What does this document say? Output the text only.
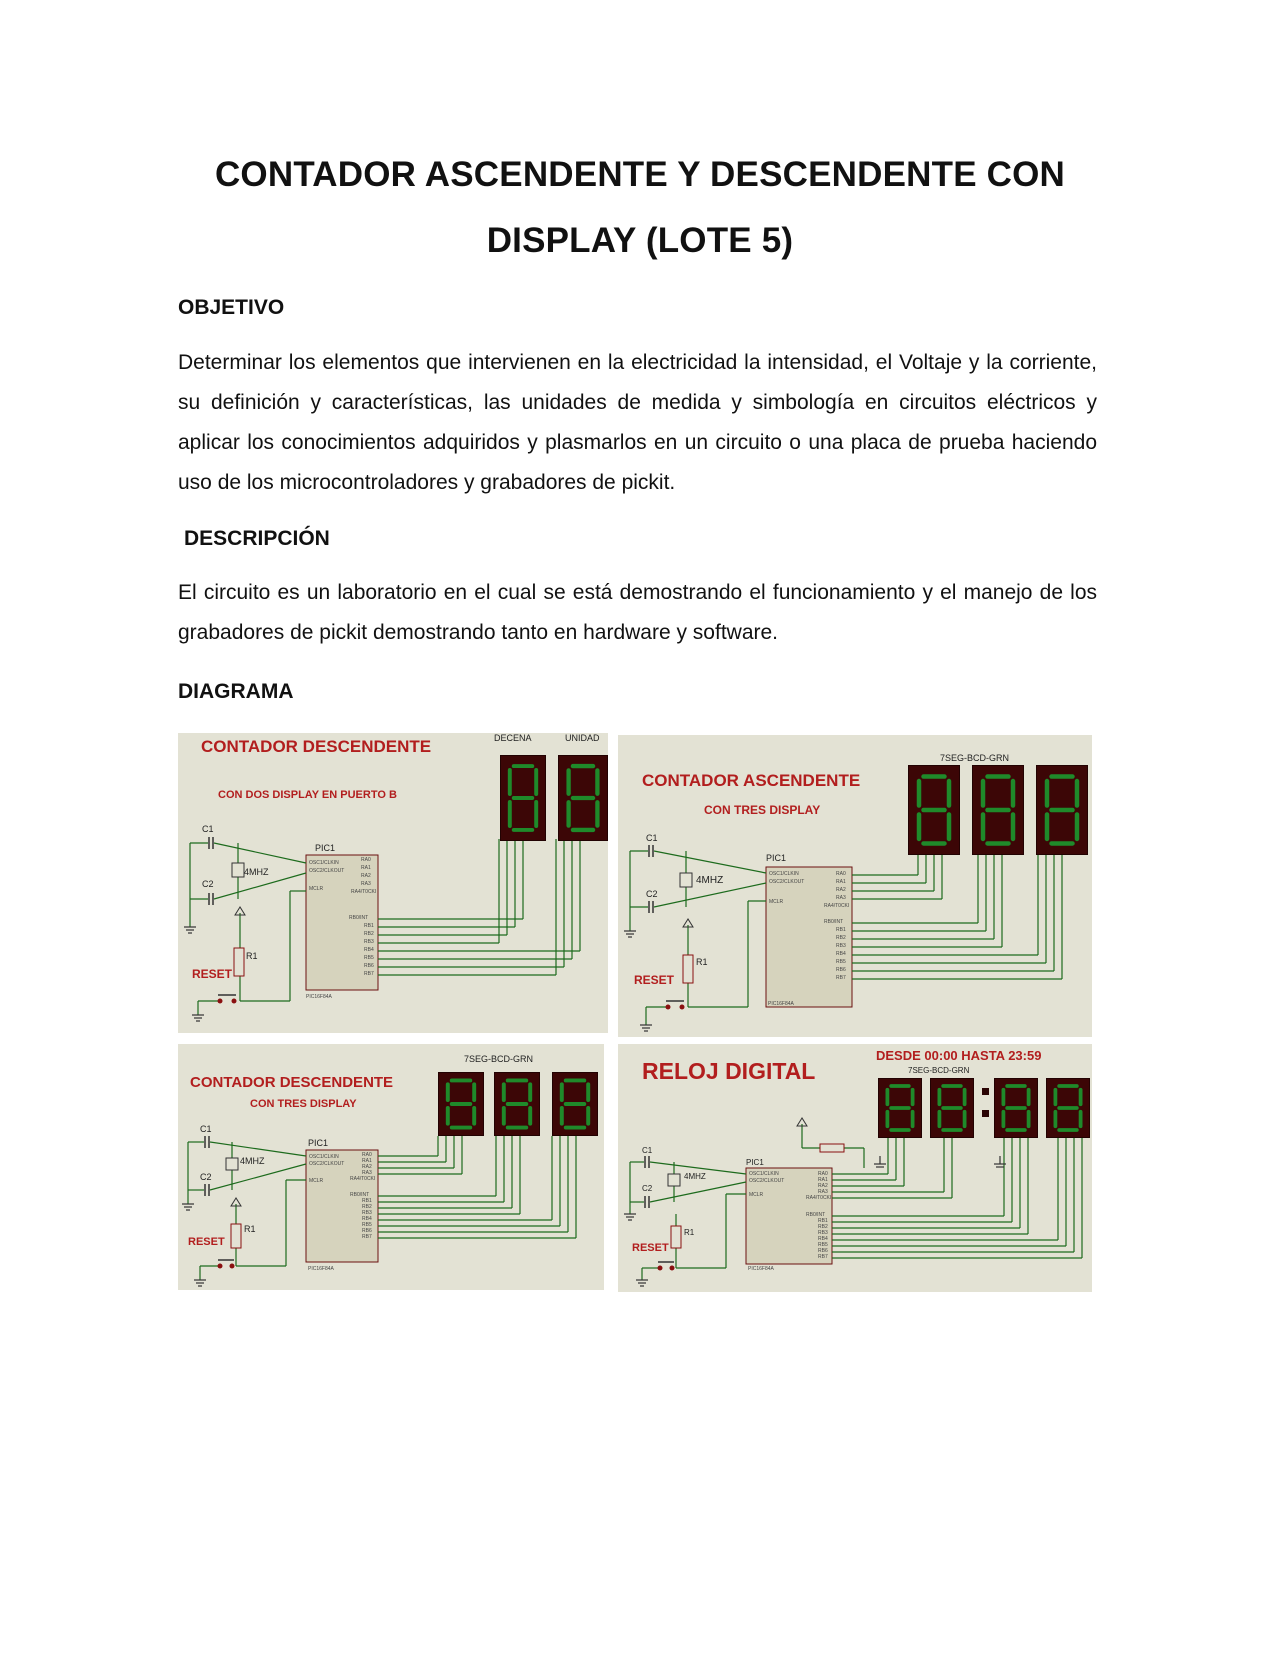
CONTADOR ASCENDENTE Y DESCENDENTE CON DISPLAY (LOTE 5)
OBJETIVO
Determinar los elementos que intervienen en la electricidad la intensidad, el Voltaje y la corriente, su definición y características, las unidades de medida y simbología en circuitos eléctricos y aplicar los conocimientos adquiridos y plasmarlos en un circuito o una placa de prueba haciendo uso de los microcontroladores y grabadores de pickit.
DESCRIPCIÓN
El circuito es un laboratorio en el cual se está demostrando el funcionamiento y el manejo de los grabadores de pickit demostrando tanto en hardware y software.
DIAGRAMA
OSC1/CLKIN
OSC2/CLKOUT
MCLR
RA0
RA1
RA2
RA3
RA4/T0CKI
RB0/INT
RB1
RB2
RB3
RB4
RB5
RB6
RB7
PIC16F84A
CONTADOR DESCENDENTE
CON DOS DISPLAY EN PUERTO B
DECENA	UNIDAD
PIC1
4MHZ
C1
C2
R1
RESET
OSC1/CLKIN
OSC2/CLKOUT
MCLR
RA0
RA1
RA2
RA3
RA4/T0CKI
RB0/INT
RB1
RB2
RB3
RB4
RB5
RB6
RB7
PIC16F84A
CONTADOR ASCENDENTE
CON TRES DISPLAY
7SEG-BCD-GRN
PIC1
4MHZ
C1
C2
R1
RESET
OSC1/CLKIN
OSC2/CLKOUT
MCLR
RA0
RA1
RA2
RA3
RA4/T0CKI
RB0/INT
RB1
RB2
RB3
RB4
RB5
RB6
RB7
PIC16F84A
CONTADOR DESCENDENTE
CON TRES DISPLAY
7SEG-BCD-GRN
PIC1
4MHZ
C1
C2
R1
RESET
OSC1/CLKIN
OSC2/CLKOUT
MCLR
RA0
RA1
RA2
RA3
RA4/T0CKI
RB0/INT
RB1
RB2
RB3
RB4
RB5
RB6
RB7
PIC16F84A
RELOJ DIGITAL
DESDE 00:00 HASTA 23:59
7SEG-BCD-GRN
PIC1
4MHZ
C1
C2
R1
RESET
